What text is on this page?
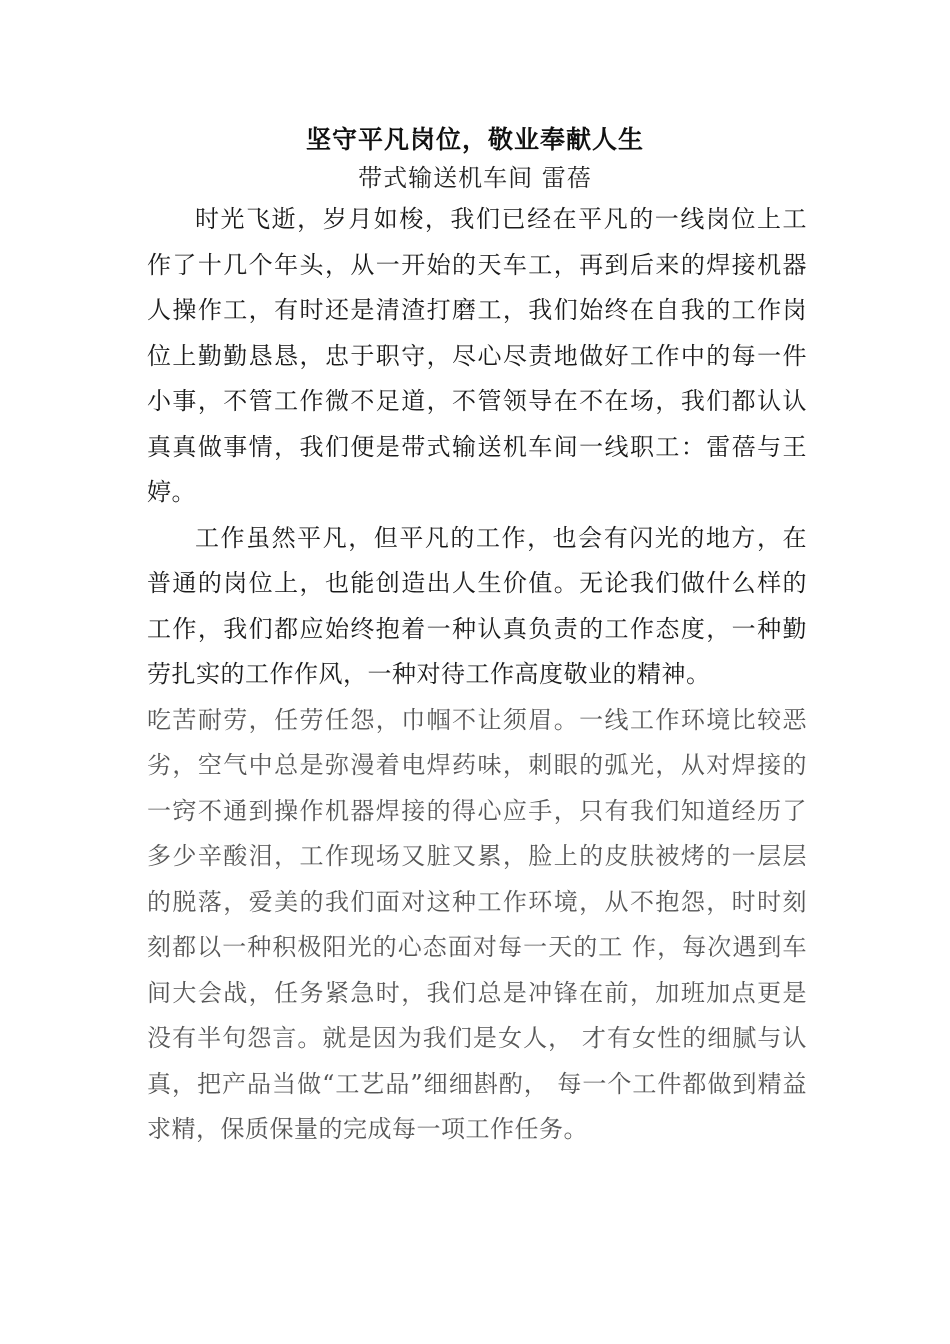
坚守平凡岗位，敬业奉献人生
带式输送机车间 雷蓓

时光飞逝，岁月如梭，我们已经在平凡的一线岗位上工作了十几个年头，从一开始的天车工，再到后来的焊接机器人操作工，有时还是清渣打磨工，我们始终在自我的工作岗位上勤勤恳恳，忠于职守，尽心尽责地做好工作中的每一件小事，不管工作微不足道，不管领导在不在场，我们都认认真真做事情，我们便是带式输送机车间一线职工：雷蓓与王婷。

工作虽然平凡，但平凡的工作，也会有闪光的地方，在普通的岗位上，也能创造出人生价值。无论我们做什么样的工作，我们都应始终抱着一种认真负责的工作态度，一种勤劳扎实的工作作风，一种对待工作高度敬业的精神。

吃苦耐劳，任劳任怨，巾帼不让须眉。一线工作环境比较恶劣，空气中总是弥漫着电焊药味，刺眼的弧光，从对焊接的一窍不通到操作机器焊接的得心应手，只有我们知道经历了多少辛酸泪，工作现场又脏又累，脸上的皮肤被烤的一层层的脱落，爱美的我们面对这种工作环境，从不抱怨，时时刻刻都以一种积极阳光的心态面对每一天的工 作，每次遇到车间大会战，任务紧急时，我们总是冲锋在前，加班加点更是没有半句怨言。就是因为我们是女人， 才有女性的细腻与认真，把产品当做“工艺品”细细斟酌， 每一个工件都做到精益求精，保质保量的完成每一项工作任务。
